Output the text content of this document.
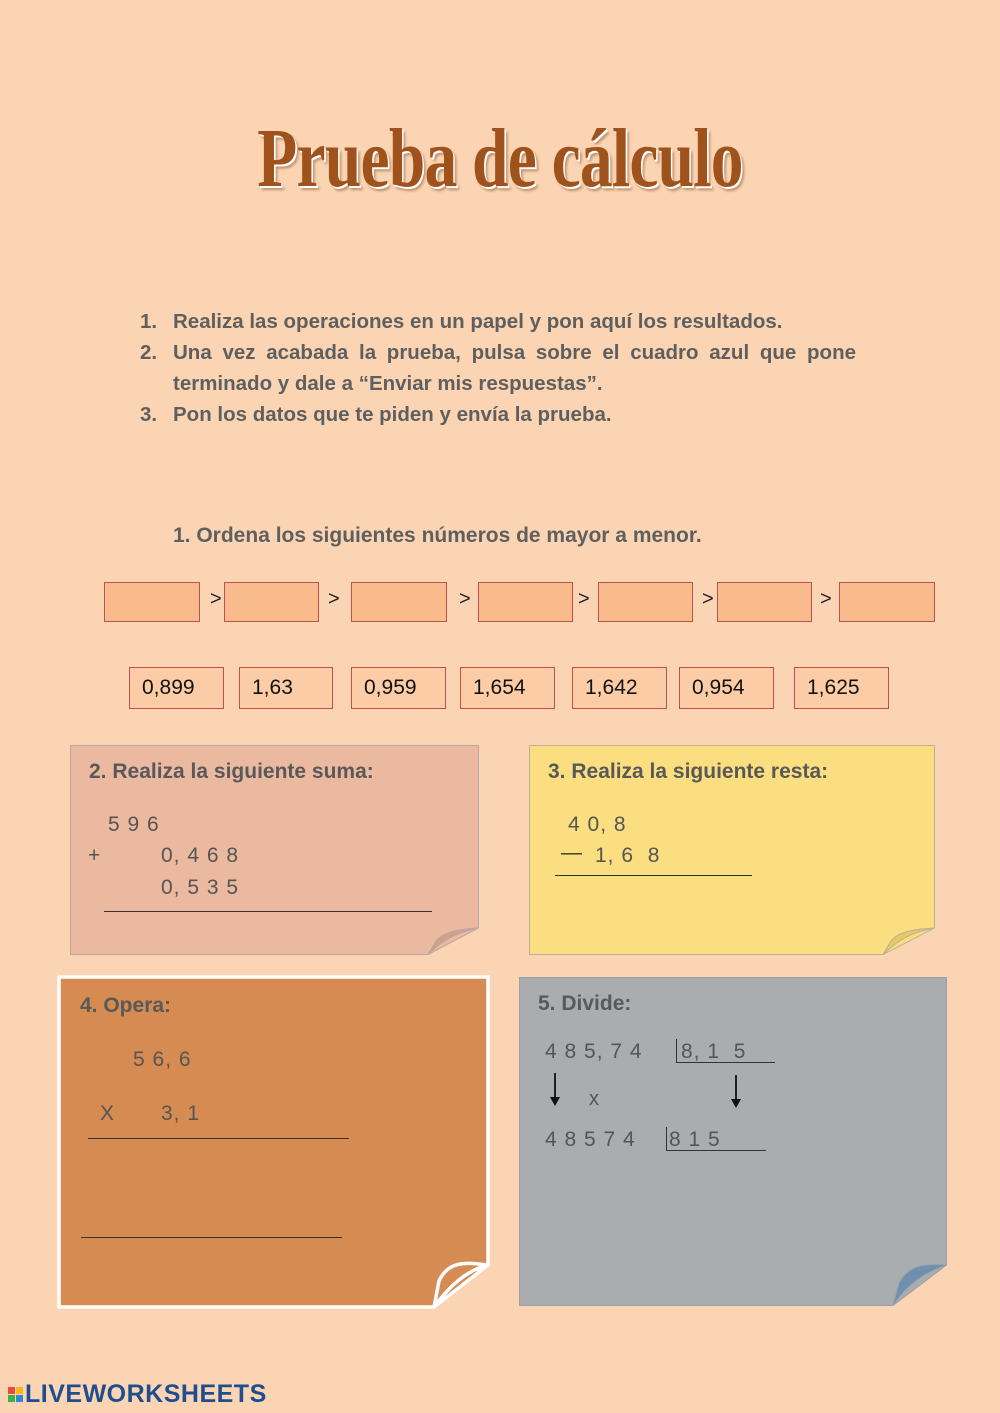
Prueba de cálculo
1. Realiza las operaciones en un papel y pon aquí los resultados.
2. Una vez acabada la prueba, pulsa sobre el cuadro azul que pone terminado y dale a “Enviar mis respuestas”.
3. Pon los datos que te piden y envía la prueba.
1. Ordena los siguientes números de mayor a menor.
>	>	>	>	>	>
0,899	1,63	0,959	1,654	1,642	0,954	1,625
2. Realiza la siguiente suma:
5 9 6
+	0, 4 6 8
0, 5 3 5
3. Realiza la siguiente resta:
4 0, 8
— 1, 6  8
4. Opera:
5 6, 6
X 3, 1
5. Divide:
4 8 5, 7 4 8, 1  5
x
4 8 5 7 4 8 1 5
LIVEWORKSHEETS
